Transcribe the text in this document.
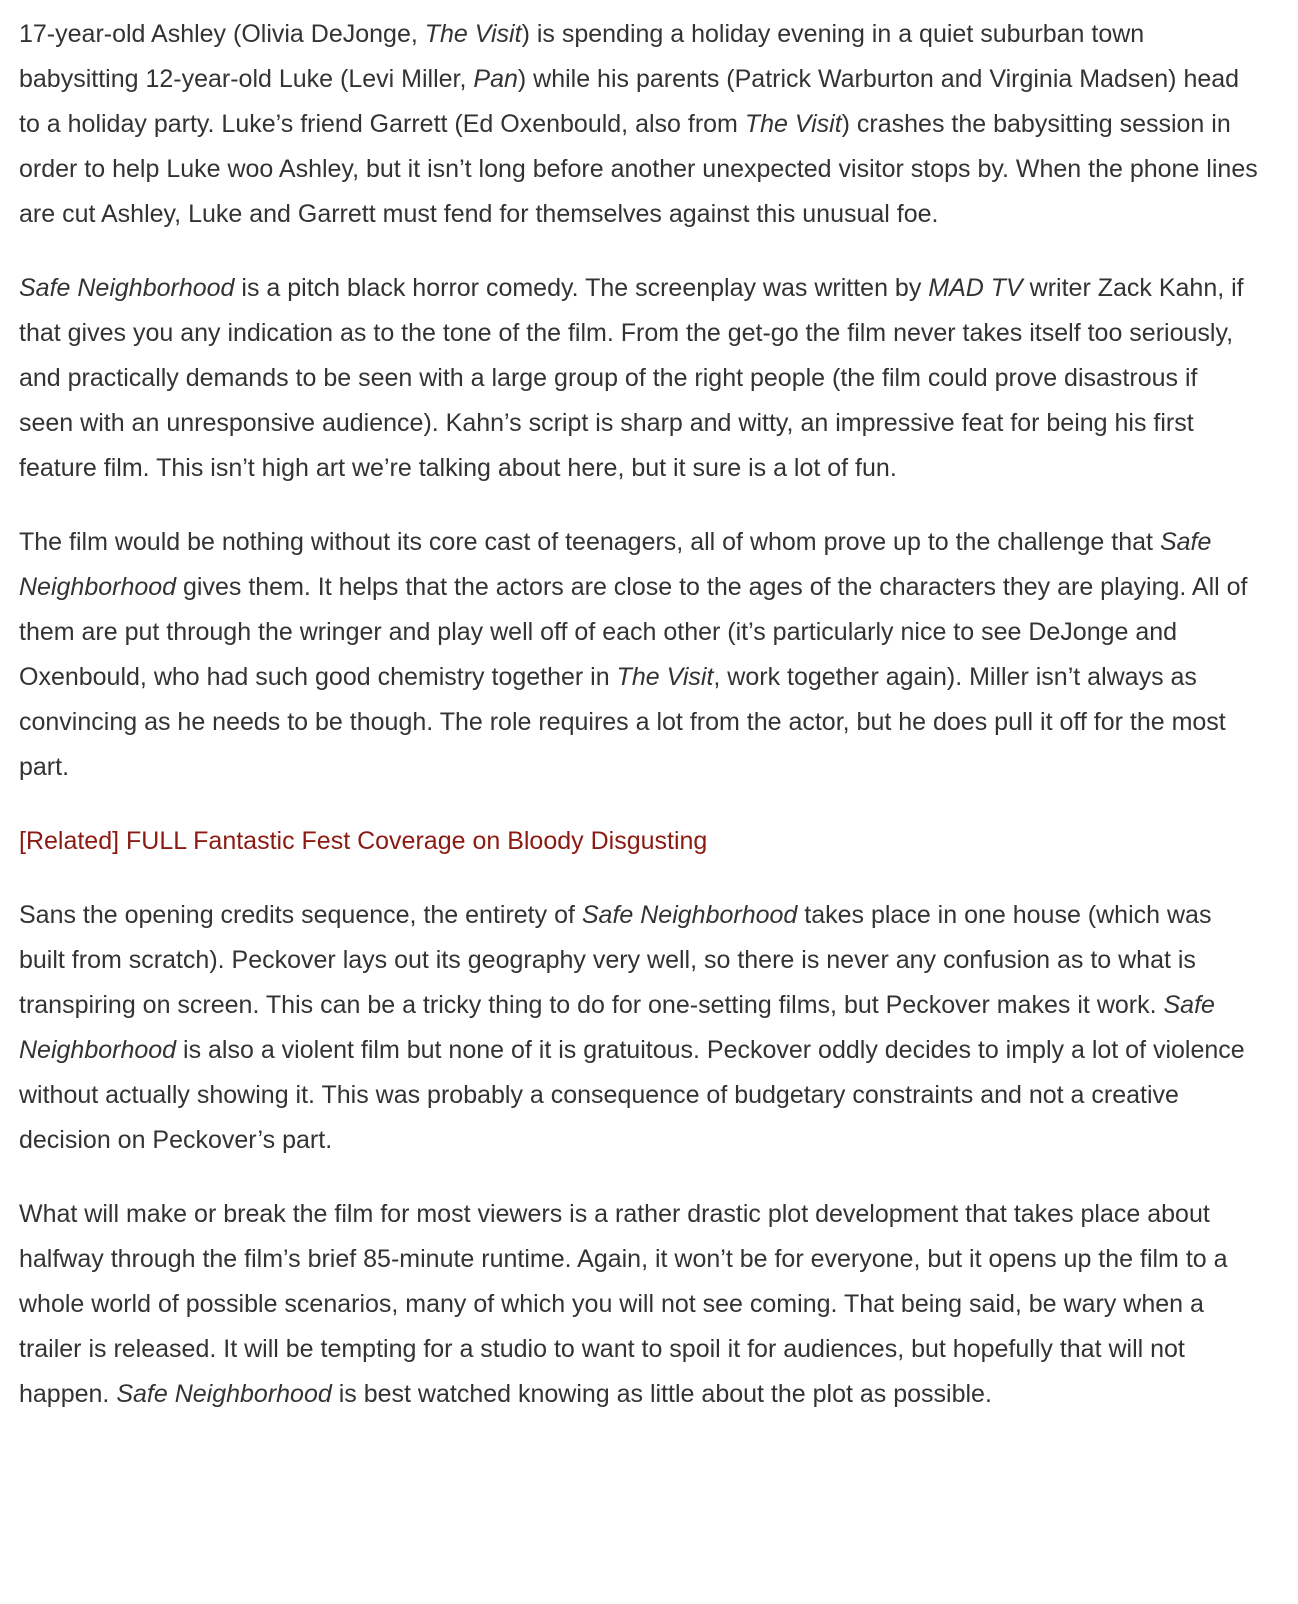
17-year-old Ashley (Olivia DeJonge, The Visit) is spending a holiday evening in a quiet suburban town babysitting 12-year-old Luke (Levi Miller, Pan) while his parents (Patrick Warburton and Virginia Madsen) head to a holiday party. Luke’s friend Garrett (Ed Oxenbould, also from The Visit) crashes the babysitting session in order to help Luke woo Ashley, but it isn’t long before another unexpected visitor stops by. When the phone lines are cut Ashley, Luke and Garrett must fend for themselves against this unusual foe.

Safe Neighborhood is a pitch black horror comedy. The screenplay was written by MAD TV writer Zack Kahn, if that gives you any indication as to the tone of the film. From the get-go the film never takes itself too seriously, and practically demands to be seen with a large group of the right people (the film could prove disastrous if seen with an unresponsive audience). Kahn’s script is sharp and witty, an impressive feat for being his first feature film. This isn’t high art we’re talking about here, but it sure is a lot of fun.

The film would be nothing without its core cast of teenagers, all of whom prove up to the challenge that Safe Neighborhood gives them. It helps that the actors are close to the ages of the characters they are playing. All of them are put through the wringer and play well off of each other (it’s particularly nice to see DeJonge and Oxenbould, who had such good chemistry together in The Visit, work together again). Miller isn’t always as convincing as he needs to be though. The role requires a lot from the actor, but he does pull it off for the most part.

[Related] FULL Fantastic Fest Coverage on Bloody Disgusting

Sans the opening credits sequence, the entirety of Safe Neighborhood takes place in one house (which was built from scratch). Peckover lays out its geography very well, so there is never any confusion as to what is transpiring on screen. This can be a tricky thing to do for one-setting films, but Peckover makes it work. Safe Neighborhood is also a violent film but none of it is gratuitous. Peckover oddly decides to imply a lot of violence without actually showing it. This was probably a consequence of budgetary constraints and not a creative decision on Peckover’s part.

What will make or break the film for most viewers is a rather drastic plot development that takes place about halfway through the film’s brief 85-minute runtime. Again, it won’t be for everyone, but it opens up the film to a whole world of possible scenarios, many of which you will not see coming. That being said, be wary when a trailer is released. It will be tempting for a studio to want to spoil it for audiences, but hopefully that will not happen. Safe Neighborhood is best watched knowing as little about the plot as possible.
